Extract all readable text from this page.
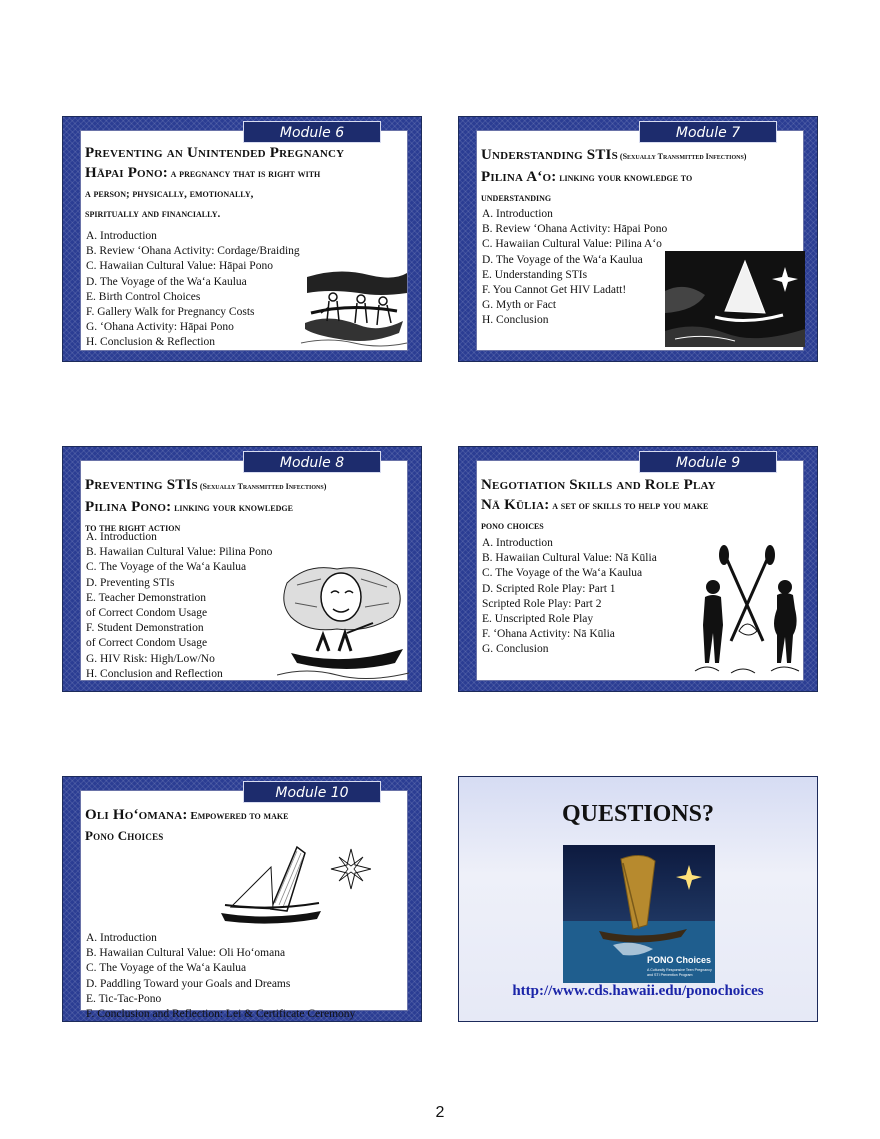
Module 6
Preventing an Unintended Pregnancy
Hāpai Pono: a pregnancy that is right with
a person; physically, emotionally,
spiritually and financially.
A. Introduction
B. Review ‘Ohana Activity: Cordage/Braiding
C. Hawaiian Cultural Value: Hāpai Pono
D. The Voyage of the Wa‘a Kaulua
E. Birth Control Choices
F. Gallery Walk for Pregnancy Costs
G. ‘Ohana Activity: Hāpai Pono
H. Conclusion & Reflection
Module 7
Understanding STIs (Sexually Transmitted Infections)
Pilina A‘o: linking your knowledge to
understanding
A. Introduction
B. Review ‘Ohana Activity: Hāpai Pono
C. Hawaiian Cultural Value: Pilina A‘o
D. The Voyage of the Wa‘a Kaulua
E. Understanding STIs
F. You Cannot Get HIV Ladatt!
G. Myth or Fact
H. Conclusion
Module 8
Preventing STIs (Sexually Transmitted Infections)
Pilina Pono: linking your knowledge
to the right action
A. Introduction
B. Hawaiian Cultural Value: Pilina Pono
C. The Voyage of the Wa‘a Kaulua
D. Preventing STIs
E. Teacher Demonstration
of Correct Condom Usage
F. Student Demonstration
of Correct Condom Usage
G. HIV Risk: High/Low/No
H. Conclusion and Reflection
Module 9
Negotiation Skills and Role Play
Nā Kūlia: a set of skills to help you make
pono choices
A. Introduction
B. Hawaiian Cultural Value: Nā Kūlia
C. The Voyage of the Wa‘a Kaulua
D. Scripted Role Play: Part 1
Scripted Role Play: Part 2
E. Unscripted Role Play
F. ‘Ohana Activity: Nā Kūlia
G. Conclusion
Module 10
Oli Ho‘omana: Empowered to make
Pono Choices
A. Introduction
B. Hawaiian Cultural Value: Oli Ho‘omana
C. The Voyage of the Wa‘a Kaulua
D. Paddling Toward your Goals and Dreams
E. Tic-Tac-Pono
F. Conclusion and Reflection: Lei & Certificate Ceremony
QUESTIONS?
PONO Choices
A Culturally Responsive Teen Pregnancy
and STI Prevention Program
http://www.cds.hawaii.edu/ponochoices
2
